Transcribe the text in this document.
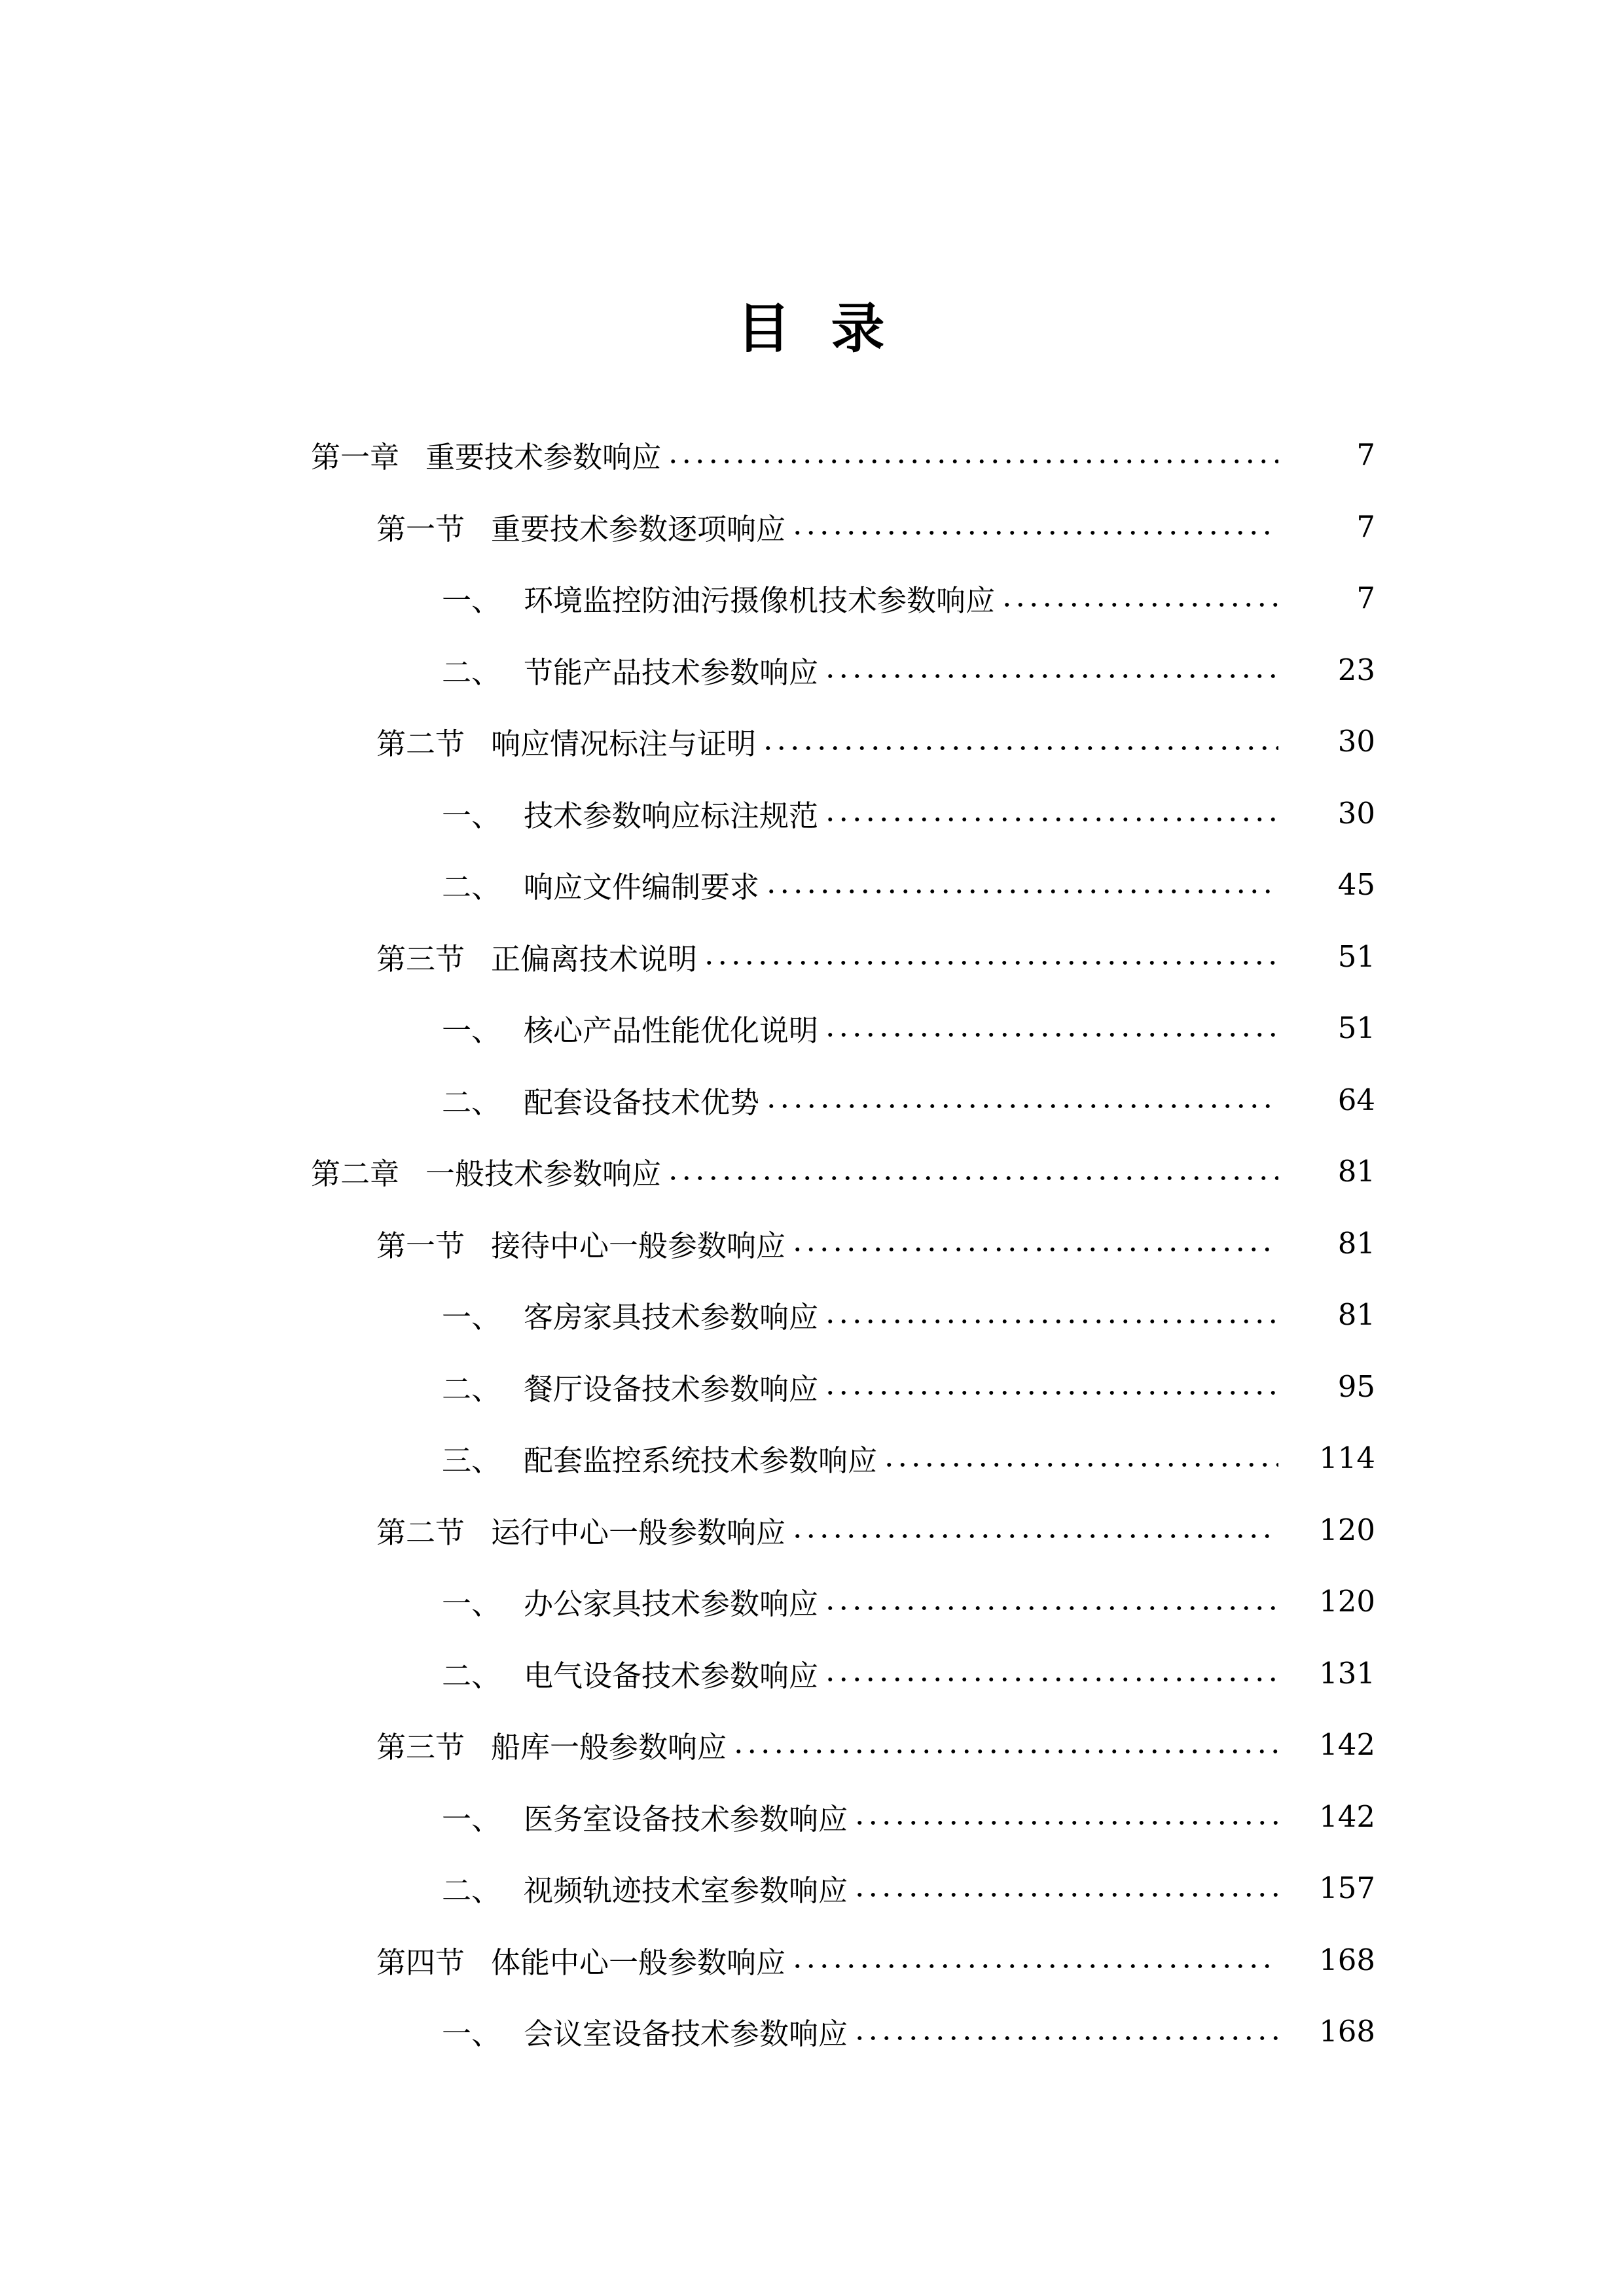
目 录
第一章 重要技术参数响应	7
第一节 重要技术参数逐项响应	7
一、 环境监控防油污摄像机技术参数响应	7
二、 节能产品技术参数响应	23
第二节 响应情况标注与证明	30
一、 技术参数响应标注规范	30
二、 响应文件编制要求	45
第三节 正偏离技术说明	51
一、 核心产品性能优化说明	51
二、 配套设备技术优势	64
第二章 一般技术参数响应	81
第一节 接待中心一般参数响应	81
一、 客房家具技术参数响应	81
二、 餐厅设备技术参数响应	95
三、 配套监控系统技术参数响应	114
第二节 运行中心一般参数响应	120
一、 办公家具技术参数响应	120
二、 电气设备技术参数响应	131
第三节 船库一般参数响应	142
一、 医务室设备技术参数响应	142
二、 视频轨迹技术室参数响应	157
第四节 体能中心一般参数响应	168
一、 会议室设备技术参数响应	168
